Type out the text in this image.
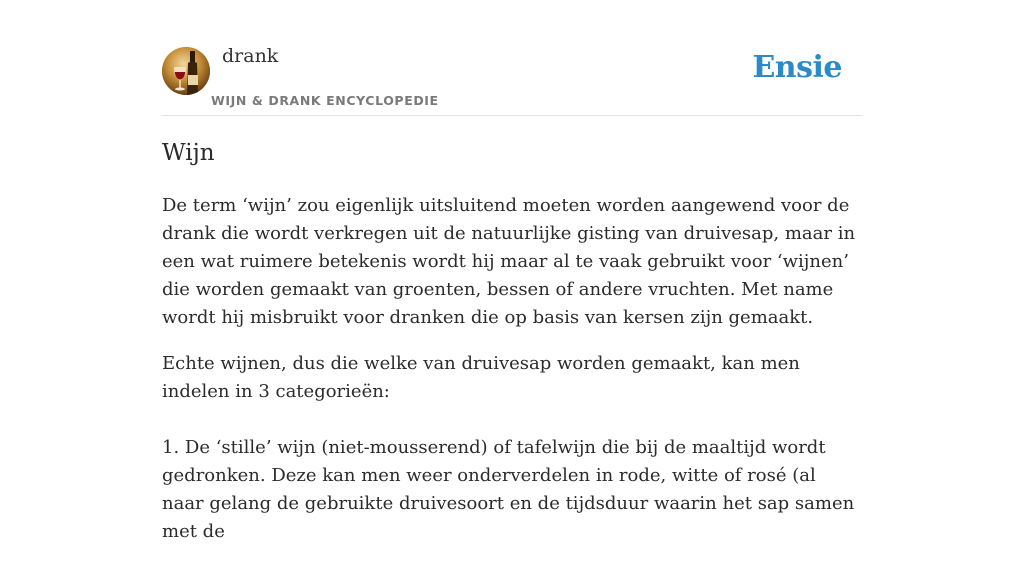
drank
WIJN & DRANK ENCYCLOPEDIE
Ensie
Wijn

De term ‘wijn’ zou eigenlijk uitsluitend moeten worden aangewend voor de drank die wordt verkregen uit de natuurlijke gisting van druivesap, maar in een wat ruimere betekenis wordt hij maar al te vaak gebruikt voor ‘wijnen’ die worden gemaakt van groenten, bessen of andere vruchten. Met name wordt hij misbruikt voor dranken die op basis van kersen zijn gemaakt.

Echte wijnen, dus die welke van druivesap worden gemaakt, kan men indelen in 3 categorieën:

1. De ‘stille’ wijn (niet-mousserend) of tafelwijn die bij de maaltijd wordt gedronken. Deze kan men weer onderverdelen in rode, witte of rosé (al naar gelang de gebruikte druivesoort en de tijdsduur waarin het sap samen met de
